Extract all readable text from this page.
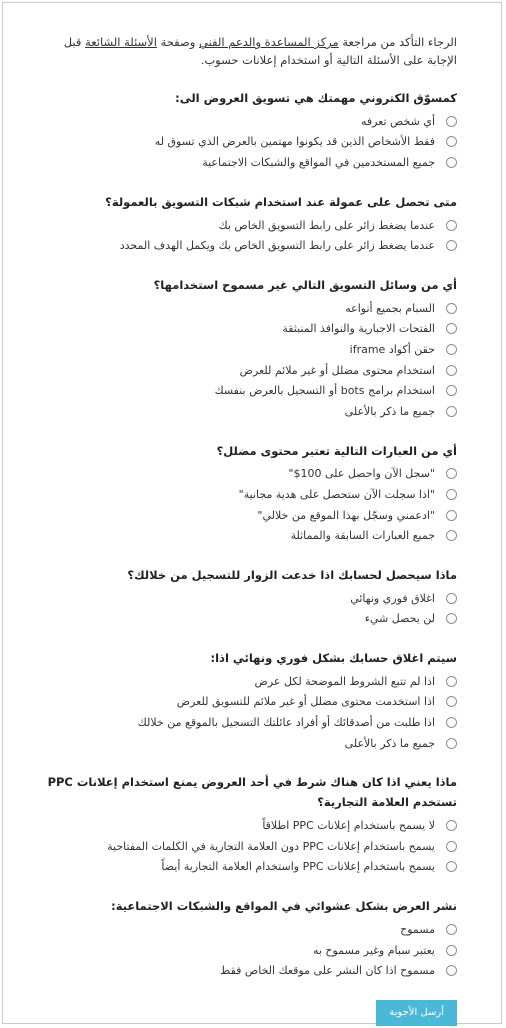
الرجاء التأكد من مراجعة مركز المساعدة والدعم الفني وصفحة الأسئلة الشائعة قبل الإجابة على الأسئلة التالية أو استخدام إعلانات حسوب.

كمسوّق الكتروني مهمتك هي تسويق العروض الى:
أي شخص تعرفه
فقط الأشخاص الذين قد يكونوا مهتمين بالعرض الذي تسوق له
جميع المستخدمين في المواقع والشبكات الاجتماعية
متى تحصل على عمولة عند استخدام شبكات التسويق بالعمولة؟
عندما يضغط زائر على رابط التسويق الخاص بك
عندما يضغط زائر على رابط التسويق الخاص بك ويكمل الهدف المحدد
أي من وسائل التسويق التالي غير مسموح استخدامها؟
السبام بجميع أنواعه
الفتحات الاجبارية والنوافذ المنبثقة
حقن أكواد iframe
استخدام محتوى مضلل أو غير ملائم للعرض
استخدام برامج bots أو التسجيل بالعرض بنفسك
جميع ما ذكر بالأعلى
أي من العبارات التالية تعتبر محتوى مضلل؟
"سجل الآن واحصل على 100$"
"اذا سجلت الآن ستحصل على هدية مجانية"
"ادعمني وسجّل بهذا الموقع من خلالي"
جميع العبارات السابقة والمماثلة
ماذا سيحصل لحسابك اذا خدعت الزوار للتسجيل من خلالك؟
اغلاق فوري ونهائي
لن يحصل شيء
سيتم اغلاق حسابك بشكل فوري ونهائي اذا:
اذا لم تتبع الشروط الموضحة لكل عرض
اذا استخدمت محتوى مضلل أو غير ملائم للتسويق للعرض
اذا طلبت من أصدقائك أو أفراد عائلتك التسجيل بالموقع من خلالك
جميع ما ذكر بالأعلى
ماذا يعني اذا كان هناك شرط في أحد العروض يمنع استخدام إعلانات PPC تستخدم العلامة التجارية؟
لا يسمح باستخدام إعلانات PPC اطلاقاً
يسمح باستخدام إعلانات PPC دون العلامة التجارية في الكلمات المفتاحية
يسمح باستخدام إعلانات PPC واستخدام العلامة التجارية أيضاً
نشر العرض بشكل عشوائي في المواقع والشبكات الاجتماعية:
مسموح
يعتبر سبام وغير مسموح به
مسموح اذا كان النشر على موقعك الخاص فقط
أرسل الأجوبة
